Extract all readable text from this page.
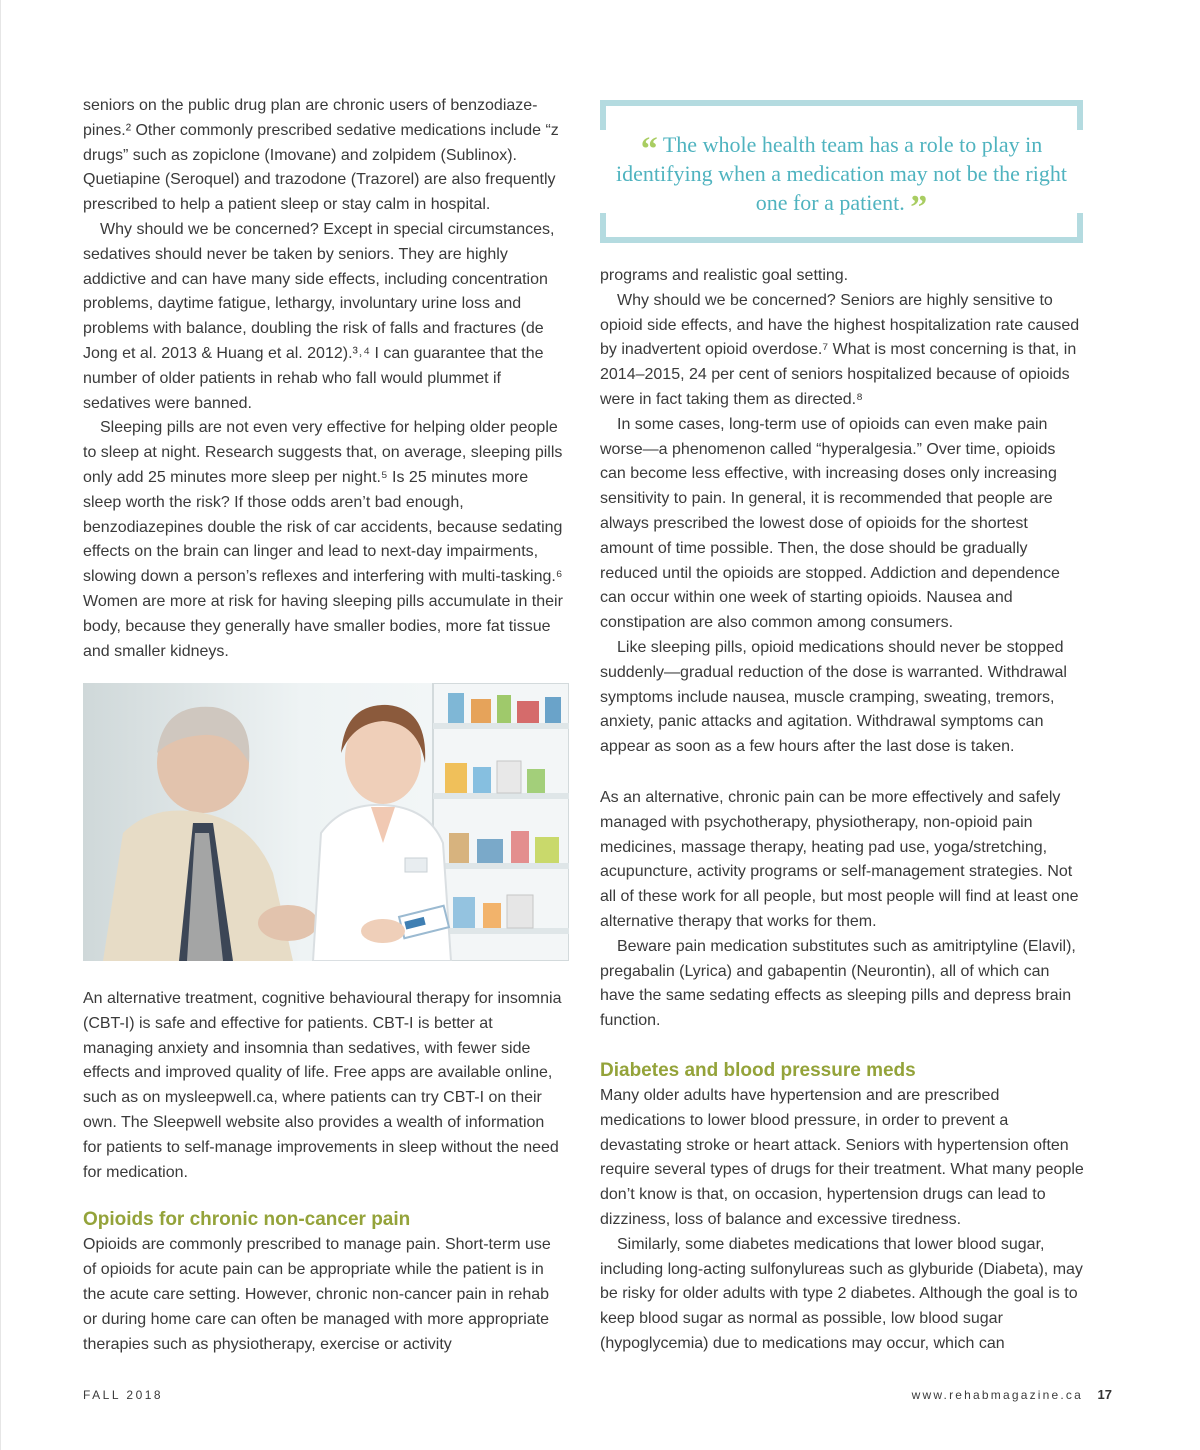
seniors on the public drug plan are chronic users of benzodiaze-pines.² Other commonly prescribed sedative medications include “z drugs” such as zopiclone (Imovane) and zolpidem (Sublinox). Quetiapine (Seroquel) and trazodone (Trazorel) are also frequently prescribed to help a patient sleep or stay calm in hospital.

Why should we be concerned? Except in special circumstances, sedatives should never be taken by seniors. They are highly addictive and can have many side effects, including concentration problems, daytime fatigue, lethargy, involuntary urine loss and problems with balance, doubling the risk of falls and fractures (de Jong et al. 2013 & Huang et al. 2012).³˒⁴ I can guarantee that the number of older patients in rehab who fall would plummet if sedatives were banned.

Sleeping pills are not even very effective for helping older people to sleep at night. Research suggests that, on average, sleeping pills only add 25 minutes more sleep per night.⁵ Is 25 minutes more sleep worth the risk? If those odds aren’t bad enough, benzodiazepines double the risk of car accidents, because sedating effects on the brain can linger and lead to next-day impairments, slowing down a person’s reflexes and interfering with multi-tasking.⁶ Women are more at risk for having sleeping pills accumulate in their body, because they generally have smaller bodies, more fat tissue and smaller kidneys.

An alternative treatment, cognitive behavioural therapy for insomnia (CBT-I) is safe and effective for patients. CBT-I is better at managing anxiety and insomnia than sedatives, with fewer side effects and improved quality of life. Free apps are available online, such as on mysleepwell.ca, where patients can try CBT-I on their own. The Sleepwell website also provides a wealth of information for patients to self-manage improvements in sleep without the need for medication.

Opioids for chronic non-cancer pain

Opioids are commonly prescribed to manage pain. Short-term use of opioids for acute pain can be appropriate while the patient is in the acute care setting. However, chronic non-cancer pain in rehab or during home care can often be managed with more appropriate therapies such as physiotherapy, exercise or activity

“ The whole health team has a role to play in identifying when a medication may not be the right one for a patient. ”

programs and realistic goal setting.

Why should we be concerned? Seniors are highly sensitive to opioid side effects, and have the highest hospitalization rate caused by inadvertent opioid overdose.⁷ What is most concerning is that, in 2014–2015, 24 per cent of seniors hospitalized because of opioids were in fact taking them as directed.⁸

In some cases, long-term use of opioids can even make pain worse—a phenomenon called “hyperalgesia.” Over time, opioids can become less effective, with increasing doses only increasing sensitivity to pain. In general, it is recommended that people are always prescribed the lowest dose of opioids for the shortest amount of time possible. Then, the dose should be gradually reduced until the opioids are stopped. Addiction and dependence can occur within one week of starting opioids. Nausea and constipation are also common among consumers.

Like sleeping pills, opioid medications should never be stopped suddenly—gradual reduction of the dose is warranted. Withdrawal symptoms include nausea, muscle cramping, sweating, tremors, anxiety, panic attacks and agitation. Withdrawal symptoms can appear as soon as a few hours after the last dose is taken.

As an alternative, chronic pain can be more effectively and safely managed with psychotherapy, physiotherapy, non-opioid pain medicines, massage therapy, heating pad use, yoga/stretching, acupuncture, activity programs or self-management strategies. Not all of these work for all people, but most people will find at least one alternative therapy that works for them.

Beware pain medication substitutes such as amitriptyline (Elavil), pregabalin (Lyrica) and gabapentin (Neurontin), all of which can have the same sedating effects as sleeping pills and depress brain function.

Diabetes and blood pressure meds

Many older adults have hypertension and are prescribed medications to lower blood pressure, in order to prevent a devastating stroke or heart attack. Seniors with hypertension often require several types of drugs for their treatment. What many people don’t know is that, on occasion, hypertension drugs can lead to dizziness, loss of balance and excessive tiredness.

Similarly, some diabetes medications that lower blood sugar, including long-acting sulfonylureas such as glyburide (Diabeta), may be risky for older adults with type 2 diabetes. Although the goal is to keep blood sugar as normal as possible, low blood sugar (hypoglycemia) due to medications may occur, which can

FALL 2018	www.rehabmagazine.ca 17
